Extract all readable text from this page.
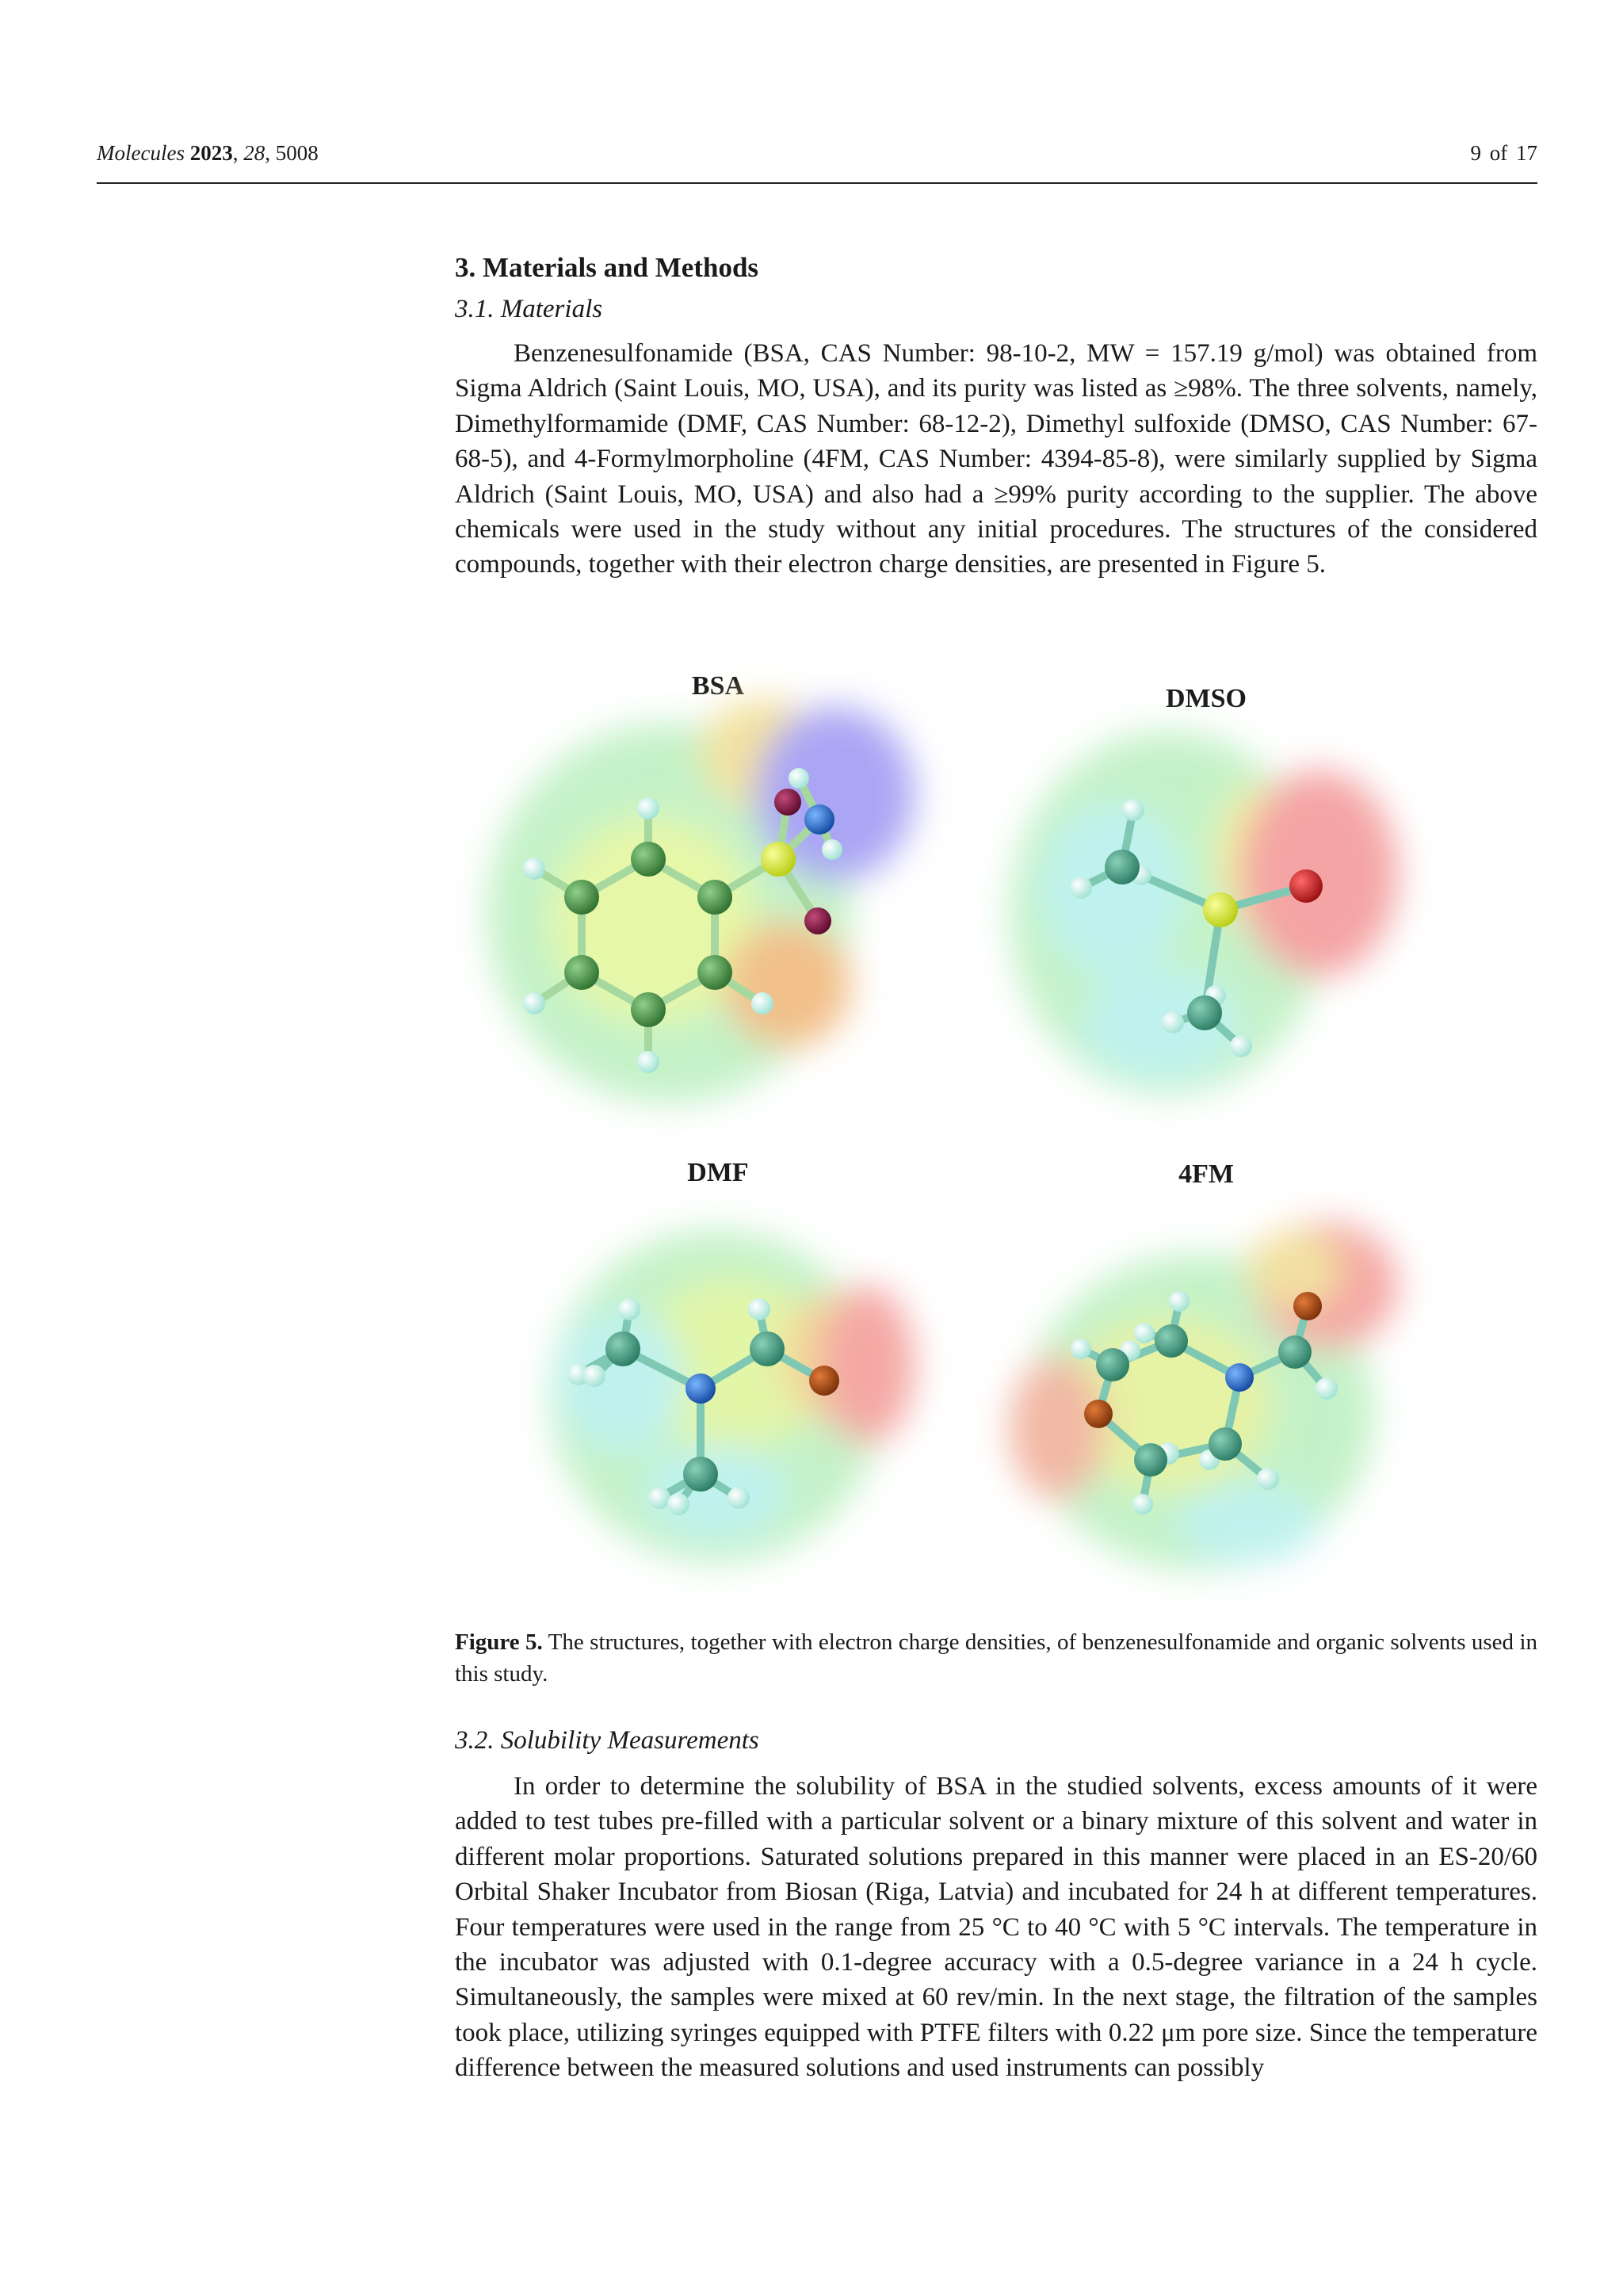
Molecules 2023, 28, 5008	9 of 17
3. Materials and Methods
3.1. Materials
Benzenesulfonamide (BSA, CAS Number: 98-10-2, MW = 157.19 g/mol) was obtained from Sigma Aldrich (Saint Louis, MO, USA), and its purity was listed as ≥98%. The three solvents, namely, Dimethylformamide (DMF, CAS Number: 68-12-2), Dimethyl sulfoxide (DMSO, CAS Number: 67-68-5), and 4-Formylmorpholine (4FM, CAS Number: 4394-85-8), were similarly supplied by Sigma Aldrich (Saint Louis, MO, USA) and also had a ≥99% purity according to the supplier. The above chemicals were used in the study without any initial procedures. The structures of the considered compounds, together with their electron charge densities, are presented in Figure 5.
BSA	DMSO
DMF	4FM
Figure 5. The structures, together with electron charge densities, of benzenesulfonamide and organic solvents used in this study.
3.2. Solubility Measurements
In order to determine the solubility of BSA in the studied solvents, excess amounts of it were added to test tubes pre-filled with a particular solvent or a binary mixture of this solvent and water in different molar proportions. Saturated solutions prepared in this manner were placed in an ES-20/60 Orbital Shaker Incubator from Biosan (Riga, Latvia) and incubated for 24 h at different temperatures. Four temperatures were used in the range from 25 °C to 40 °C with 5 °C intervals. The temperature in the incubator was adjusted with 0.1-degree accuracy with a 0.5-degree variance in a 24 h cycle. Simultaneously, the samples were mixed at 60 rev/min. In the next stage, the filtration of the samples took place, utilizing syringes equipped with PTFE filters with 0.22 μm pore size. Since the temperature difference between the measured solutions and used instruments can possibly
